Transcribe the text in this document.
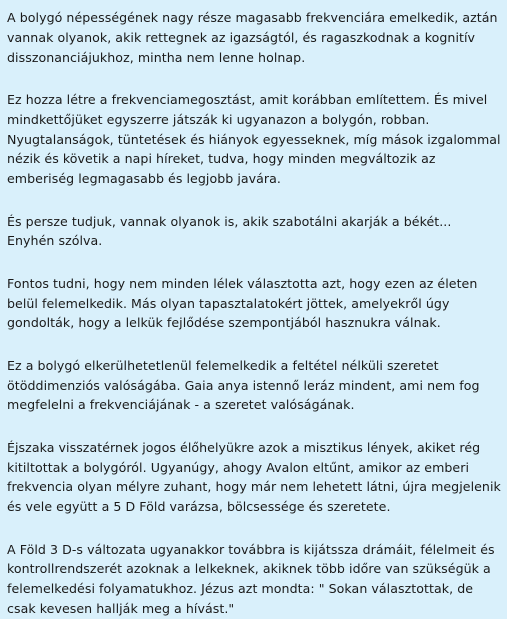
A bolygó népességének nagy része magasabb frekvenciára emelkedik, aztán vannak olyanok, akik rettegnek az igazságtól, és ragaszkodnak a kognitív disszonanciájukhoz, mintha nem lenne holnap.

Ez hozza létre a frekvenciamegosztást, amit korábban említettem. És mivel mindkettőjüket egyszerre játszák ki ugyanazon a bolygón, robban. Nyugtalanságok, tüntetések és hiányok egyesseknek, míg mások izgalommal nézik és követik a napi híreket, tudva, hogy minden megváltozik az emberiség legmagasabb és legjobb javára.

És persze tudjuk, vannak olyanok is, akik szabotálni akarják a békét... Enyhén szólva.

Fontos tudni, hogy nem minden lélek választotta azt, hogy ezen az életen belül felemelkedik. Más olyan tapasztalatokért jöttek, amelyekről úgy gondolták, hogy a lelkük fejlődése szempontjából hasznukra válnak.

Ez a bolygó elkerülhetetlenül felemelkedik a feltétel nélküli szeretet ötöddimenziós valóságába. Gaia anya istennő leráz mindent, ami nem fog megfelelni a frekvenciájának - a szeretet valóságának.

Éjszaka visszatérnek jogos élőhelyükre azok a misztikus lények, akiket rég kitiltottak a bolygóról. Ugyanúgy, ahogy Avalon eltűnt, amikor az emberi frekvencia olyan mélyre zuhant, hogy már nem lehetett látni, újra megjelenik és vele együtt a 5 D Föld varázsa, bölcsessége és szeretete.

A Föld 3 D-s változata ugyanakkor továbbra is kijátssza drámáit, félelmeit és kontrollrendszerét azoknak a lelkeknek, akiknek több időre van szükségük a felemelkedési folyamatukhoz. Jézus azt mondta: " Sokan választottak, de csak kevesen hallják meg a hívást."
